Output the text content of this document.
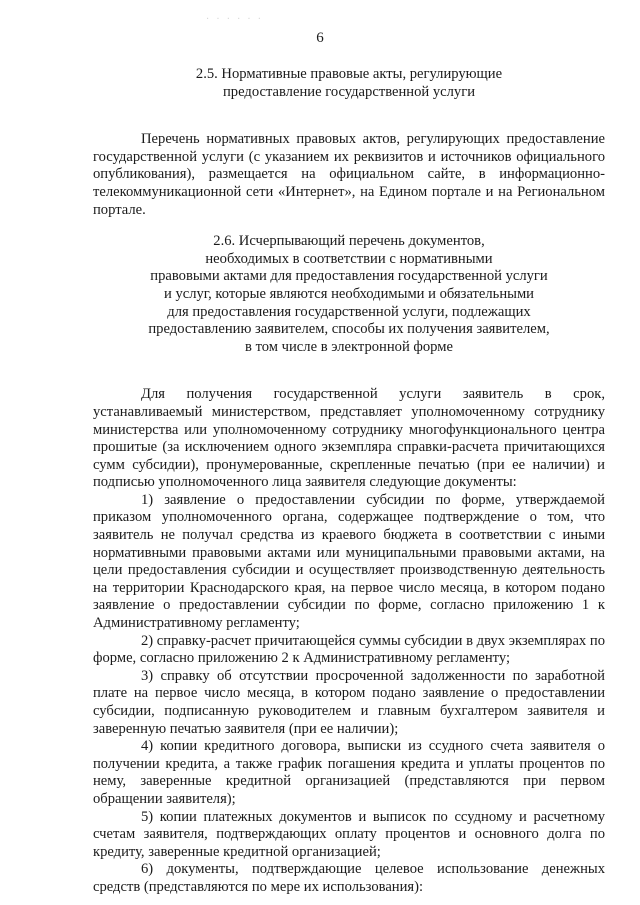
· · · · · ·
6
2.5. Нормативные правовые акты, регулирующие
предоставление государственной услуги

Перечень нормативных правовых актов, регулирующих предоставление государственной услуги (с указанием их реквизитов и источников официального опубликования), размещается на официальном сайте, в информационно-телекоммуникационной сети «Интернет», на Едином портале и на Региональном портале.

2.6. Исчерпывающий перечень документов,
необходимых в соответствии с нормативными
правовыми актами для предоставления государственной услуги
и услуг, которые являются необходимыми и обязательными
для предоставления государственной услуги, подлежащих
предоставлению заявителем, способы их получения заявителем,
в том числе в электронной форме

Для получения государственной услуги заявитель в срок, устанавливаемый министерством, представляет уполномоченному сотруднику министерства или уполномоченному сотруднику многофункционального центра прошитые (за исключением одного экземпляра справки-расчета причитающихся сумм субсидии), пронумерованные, скрепленные печатью (при ее наличии) и подписью уполномоченного лица заявителя следующие документы:

1) заявление о предоставлении субсидии по форме, утверждаемой приказом уполномоченного органа, содержащее подтверждение о том, что заявитель не получал средства из краевого бюджета в соответствии с иными нормативными правовыми актами или муниципальными правовыми актами, на цели предоставления субсидии и осуществляет производственную деятельность на территории Краснодарского края, на первое число месяца, в котором подано заявление о предоставлении субсидии по форме, согласно приложению 1 к Административному регламенту;

2) справку-расчет причитающейся суммы субсидии в двух экземплярах по форме, согласно приложению 2 к Административному регламенту;

3) справку об отсутствии просроченной задолженности по заработной плате на первое число месяца, в котором подано заявление о предоставлении субсидии, подписанную руководителем и главным бухгалтером заявителя и заверенную печатью заявителя (при ее наличии);

4) копии кредитного договора, выписки из ссудного счета заявителя о получении кредита, а также график погашения кредита и уплаты процентов по нему, заверенные кредитной организацией (представляются при первом обращении заявителя);

5) копии платежных документов и выписок по ссудному и расчетному счетам заявителя, подтверждающих оплату процентов и основного долга по кредиту, заверенные кредитной организацией;

6) документы, подтверждающие целевое использование денежных средств (представляются по мере их использования):
